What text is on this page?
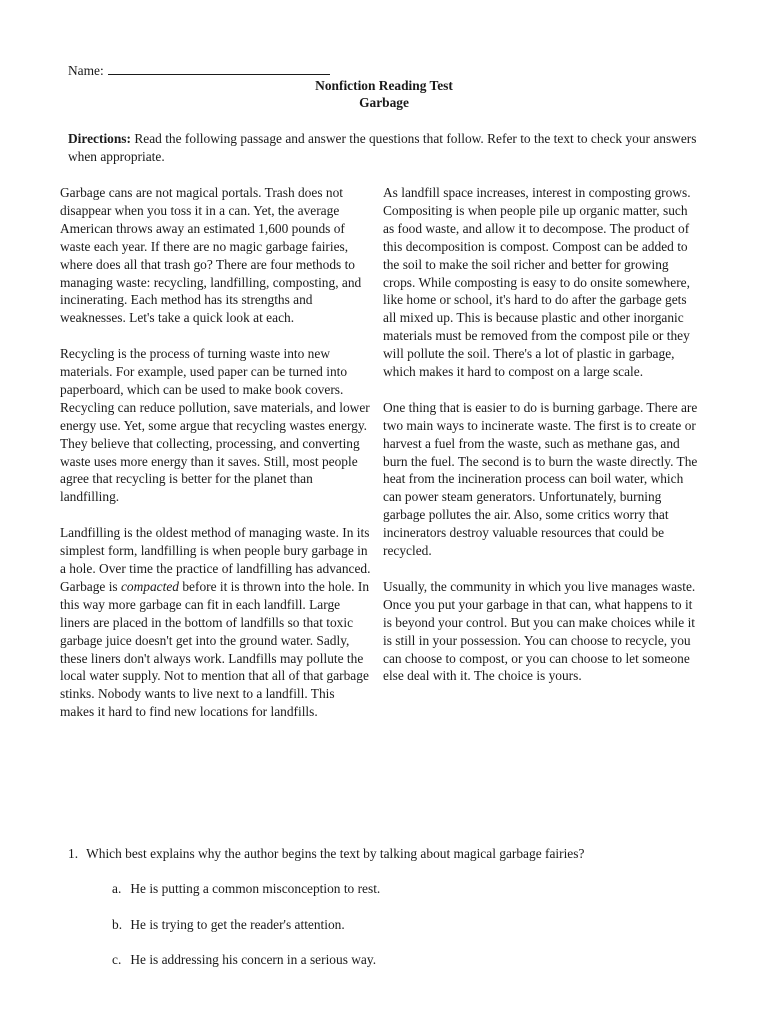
Name:
Nonfiction Reading Test
Garbage
Directions: Read the following passage and answer the questions that follow. Refer to the text to check your answers when appropriate.

Garbage cans are not magical portals. Trash does not disappear when you toss it in a can. Yet, the average American throws away an estimated 1,600 pounds of waste each year. If there are no magic garbage fairies, where does all that trash go? There are four methods to managing waste: recycling, landfilling, composting, and incinerating. Each method has its strengths and weaknesses. Let's take a quick look at each.

Recycling is the process of turning waste into new materials. For example, used paper can be turned into paperboard, which can be used to make book covers. Recycling can reduce pollution, save materials, and lower energy use. Yet, some argue that recycling wastes energy. They believe that collecting, processing, and converting waste uses more energy than it saves. Still, most people agree that recycling is better for the planet than landfilling.

Landfilling is the oldest method of managing waste. In its simplest form, landfilling is when people bury garbage in a hole. Over time the practice of landfilling has advanced. Garbage is compacted before it is thrown into the hole. In this way more garbage can fit in each landfill. Large liners are placed in the bottom of landfills so that toxic garbage juice doesn't get into the ground water. Sadly, these liners don't always work. Landfills may pollute the local water supply. Not to mention that all of that garbage stinks. Nobody wants to live next to a landfill. This makes it hard to find new locations for landfills.

As landfill space increases, interest in composting grows. Compositing is when people pile up organic matter, such as food waste, and allow it to decompose. The product of this decomposition is compost. Compost can be added to the soil to make the soil richer and better for growing crops. While composting is easy to do onsite somewhere, like home or school, it's hard to do after the garbage gets all mixed up. This is because plastic and other inorganic materials must be removed from the compost pile or they will pollute the soil. There's a lot of plastic in garbage, which makes it hard to compost on a large scale.

One thing that is easier to do is burning garbage. There are two main ways to incinerate waste. The first is to create or harvest a fuel from the waste, such as methane gas, and burn the fuel. The second is to burn the waste directly. The heat from the incineration process can boil water, which can power steam generators. Unfortunately, burning garbage pollutes the air. Also, some critics worry that incinerators destroy valuable resources that could be recycled.

Usually, the community in which you live manages waste. Once you put your garbage in that can, what happens to it is beyond your control. But you can make choices while it is still in your possession. You can choose to recycle, you can choose to compost, or you can choose to let someone else deal with it. The choice is yours.

1. Which best explains why the author begins the text by talking about magical garbage fairies?
a. He is putting a common misconception to rest.
b. He is trying to get the reader's attention.
c. He is addressing his concern in a serious way.
